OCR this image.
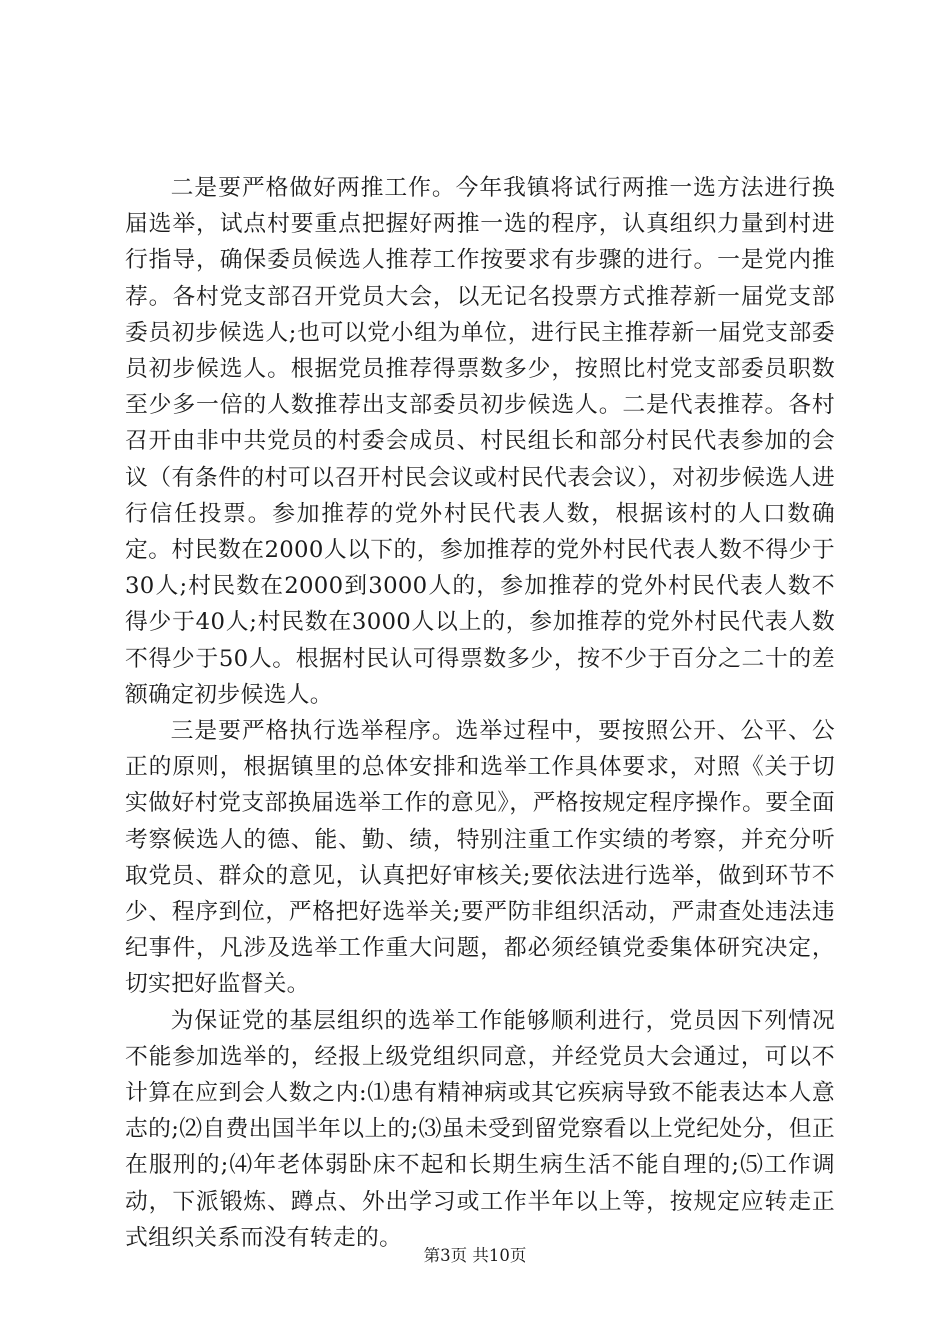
二是要严格做好两推工作。今年我镇将试行两推一选方法进行换届选举，试点村要重点把握好两推一选的程序，认真组织力量到村进行指导，确保委员候选人推荐工作按要求有步骤的进行。一是党内推荐。各村党支部召开党员大会，以无记名投票方式推荐新一届党支部委员初步候选人;也可以党小组为单位，进行民主推荐新一届党支部委员初步候选人。根据党员推荐得票数多少，按照比村党支部委员职数至少多一倍的人数推荐出支部委员初步候选人。二是代表推荐。各村召开由非中共党员的村委会成员、村民组长和部分村民代表参加的会议（有条件的村可以召开村民会议或村民代表会议），对初步候选人进行信任投票。参加推荐的党外村民代表人数，根据该村的人口数确定。村民数在2000人以下的，参加推荐的党外村民代表人数不得少于30人;村民数在2000到3000人的，参加推荐的党外村民代表人数不得少于40人;村民数在3000人以上的，参加推荐的党外村民代表人数不得少于50人。根据村民认可得票数多少，按不少于百分之二十的差额确定初步候选人。

三是要严格执行选举程序。选举过程中，要按照公开、公平、公正的原则，根据镇里的总体安排和选举工作具体要求，对照《关于切实做好村党支部换届选举工作的意见》，严格按规定程序操作。要全面考察候选人的德、能、勤、绩，特别注重工作实绩的考察，并充分听取党员、群众的意见，认真把好审核关;要依法进行选举，做到环节不少、程序到位，严格把好选举关;要严防非组织活动，严肃查处违法违纪事件，凡涉及选举工作重大问题，都必须经镇党委集体研究决定，切实把好监督关。

为保证党的基层组织的选举工作能够顺利进行，党员因下列情况不能参加选举的，经报上级党组织同意，并经党员大会通过，可以不计算在应到会人数之内:⑴患有精神病或其它疾病导致不能表达本人意志的;⑵自费出国半年以上的;⑶虽未受到留党察看以上党纪处分，但正在服刑的;⑷年老体弱卧床不起和长期生病生活不能自理的;⑸工作调动，下派锻炼、蹲点、外出学习或工作半年以上等，按规定应转走正式组织关系而没有转走的。

第3页 共10页
